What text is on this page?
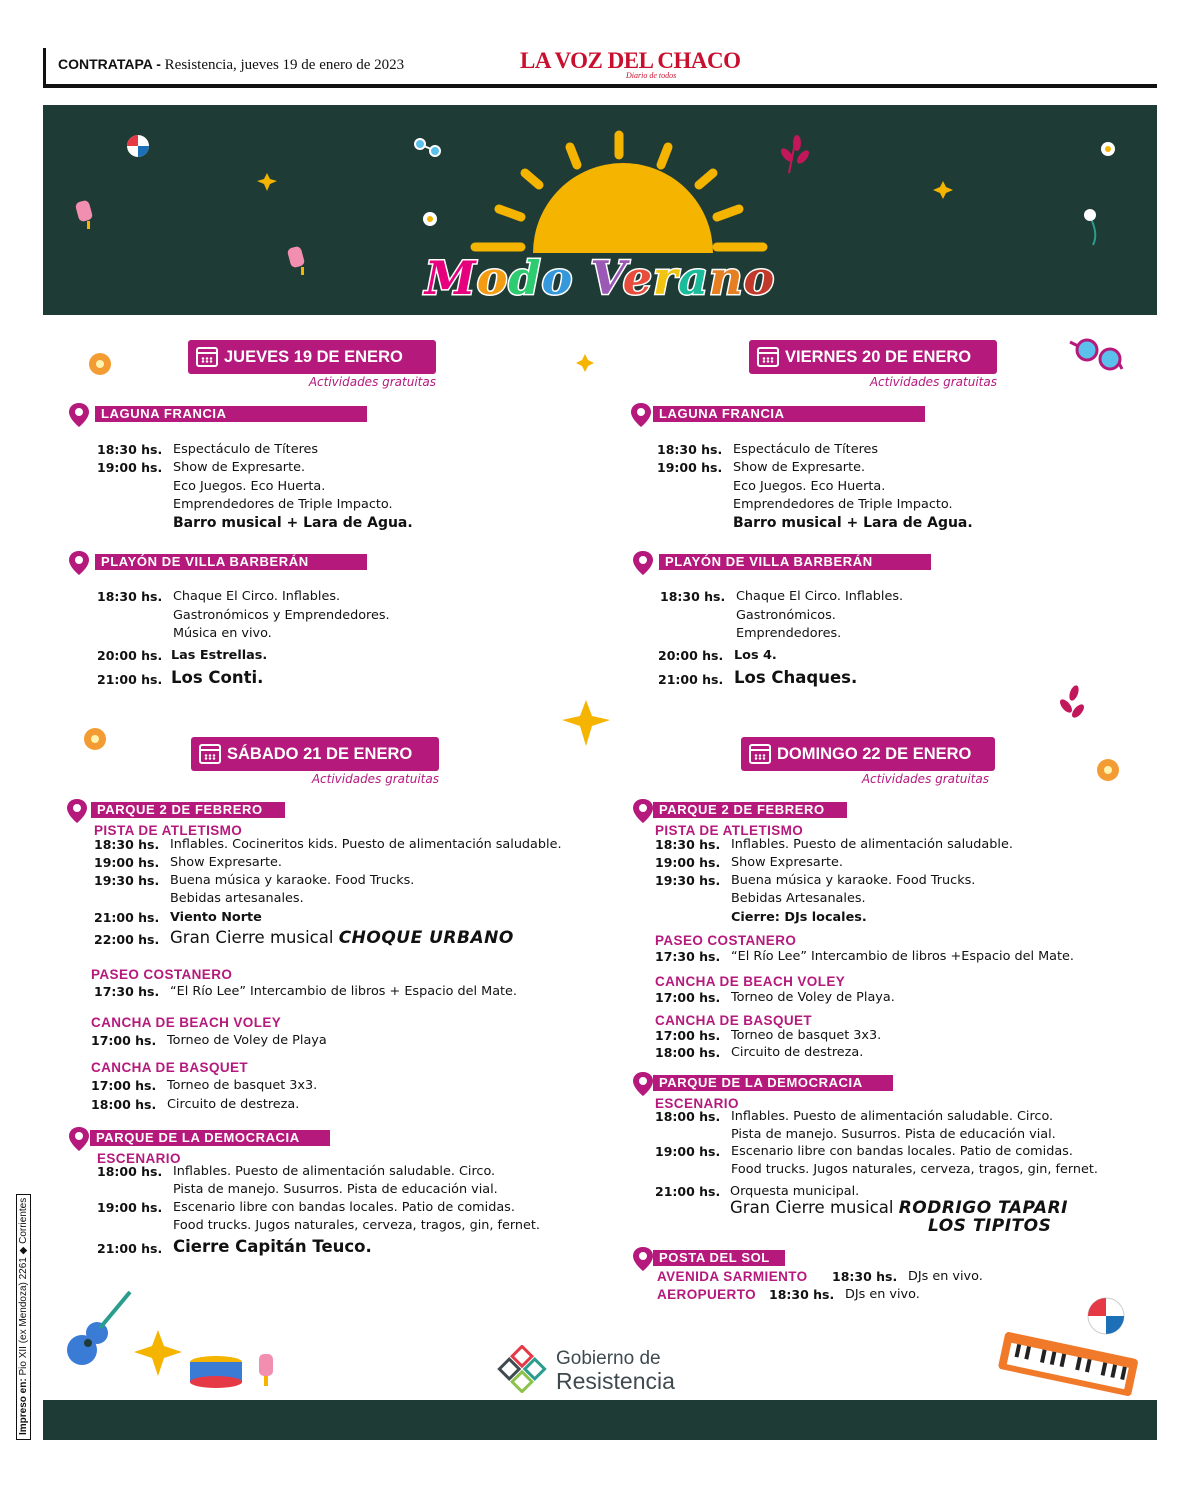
CONTRATAPA - Resistencia, jueves 19 de enero de 2023	LA VOZ DEL CHACO
Diario de todos
Modo Verano
JUEVES 19 DE ENERO
Actividades gratuitas
LAGUNA FRANCIA
18:30 hs. Espectáculo de Títeres
19:00 hs. Show de Expresarte.
Eco Juegos. Eco Huerta.
Emprendedores de Triple Impacto.
Barro musical + Lara de Agua.
PLAYÓN DE VILLA BARBERÁN
18:30 hs. Chaque El Circo. Inflables.
Gastronómicos y Emprendedores.
Música en vivo.
20:00 hs. Las Estrellas.
21:00 hs. Los Conti.
VIERNES 20 DE ENERO
Actividades gratuitas
LAGUNA FRANCIA
18:30 hs. Espectáculo de Títeres
19:00 hs. Show de Expresarte.
Eco Juegos. Eco Huerta.
Emprendedores de Triple Impacto.
Barro musical + Lara de Agua.
PLAYÓN DE VILLA BARBERÁN
18:30 hs. Chaque El Circo. Inflables.
Gastronómicos.
Emprendedores.
20:00 hs. Los 4.
21:00 hs. Los Chaques.
SÁBADO 21 DE ENERO
Actividades gratuitas
PARQUE 2 DE FEBRERO
PISTA DE ATLETISMO
18:30 hs. Inflables. Cocineritos kids. Puesto de alimentación saludable.
19:00 hs. Show Expresarte.
19:30 hs. Buena música y karaoke. Food Trucks.
Bebidas artesanales.
21:00 hs. Viento Norte
22:00 hs. Gran Cierre musical CHOQUE URBANO
PASEO COSTANERO
17:30 hs. “El Río Lee” Intercambio de libros + Espacio del Mate.
CANCHA DE BEACH VOLEY
17:00 hs. Torneo de Voley de Playa
CANCHA DE BASQUET
17:00 hs. Torneo de basquet 3x3.
18:00 hs. Circuito de destreza.
PARQUE DE LA DEMOCRACIA
ESCENARIO
18:00 hs. Inflables. Puesto de alimentación saludable. Circo.
Pista de manejo. Susurros. Pista de educación vial.
19:00 hs. Escenario libre con bandas locales. Patio de comidas.
Food trucks. Jugos naturales, cerveza, tragos, gin, fernet.
21:00 hs. Cierre Capitán Teuco.
DOMINGO 22 DE ENERO
Actividades gratuitas
PARQUE 2 DE FEBRERO
PISTA DE ATLETISMO
18:30 hs. Inflables. Puesto de alimentación saludable.
19:00 hs. Show Expresarte.
19:30 hs. Buena música y karaoke. Food Trucks.
Bebidas Artesanales.
Cierre: DJs locales.
PASEO COSTANERO
17:30 hs. “El Río Lee” Intercambio de libros +Espacio del Mate.
CANCHA DE BEACH VOLEY
17:00 hs. Torneo de Voley de Playa.
CANCHA DE BASQUET
17:00 hs. Torneo de basquet 3x3.
18:00 hs. Circuito de destreza.
PARQUE DE LA DEMOCRACIA
ESCENARIO
18:00 hs. Inflables. Puesto de alimentación saludable. Circo.
Pista de manejo. Susurros. Pista de educación vial.
19:00 hs. Escenario libre con bandas locales. Patio de comidas.
Food trucks. Jugos naturales, cerveza, tragos, gin, fernet.
21:00 hs. Orquesta municipal.
Gran Cierre musical RODRIGO TAPARI
LOS TIPITOS
POSTA DEL SOL
AVENIDA SARMIENTO 18:30 hs. DJs en vivo.
AEROPUERTO 18:30 hs. DJs en vivo.
Gobierno de
Resistencia
Impreso en: Pio XII (ex Mendoza) 2261 ◆ Corrientes
